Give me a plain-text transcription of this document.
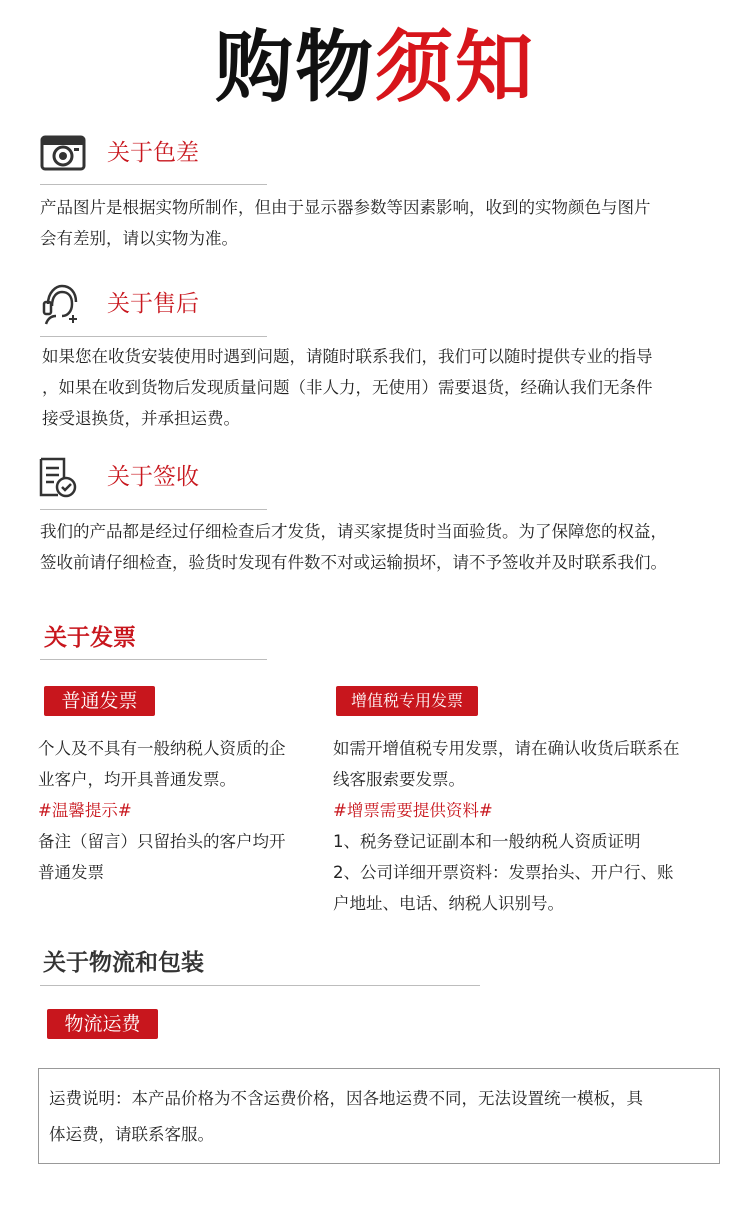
购物须知
关于色差
产品图片是根据实物所制作，但由于显示器参数等因素影响，收到的实物颜色与图片
会有差别，请以实物为准。
关于售后
如果您在收货安装使用时遇到问题，请随时联系我们，我们可以随时提供专业的指导
，如果在收到货物后发现质量问题（非人力，无使用）需要退货，经确认我们无条件
接受退换货，并承担运费。
关于签收
我们的产品都是经过仔细检查后才发货，请买家提货时当面验货。为了保障您的权益，
签收前请仔细检查，验货时发现有件数不对或运输损坏，请不予签收并及时联系我们。
关于发票
普通发票	增值税专用发票
个人及不具有一般纳税人资质的企
业客户，均开具普通发票。
#温馨提示#
备注（留言）只留抬头的客户均开
普通发票
如需开增值税专用发票，请在确认收货后联系在
线客服索要发票。
#增票需要提供资料#
1、税务登记证副本和一般纳税人资质证明
2、公司详细开票资料：发票抬头、开户行、账
户地址、电话、纳税人识别号。
关于物流和包装
物流运费
运费说明：本产品价格为不含运费价格，因各地运费不同，无法设置统一模板，具
体运费，请联系客服。
